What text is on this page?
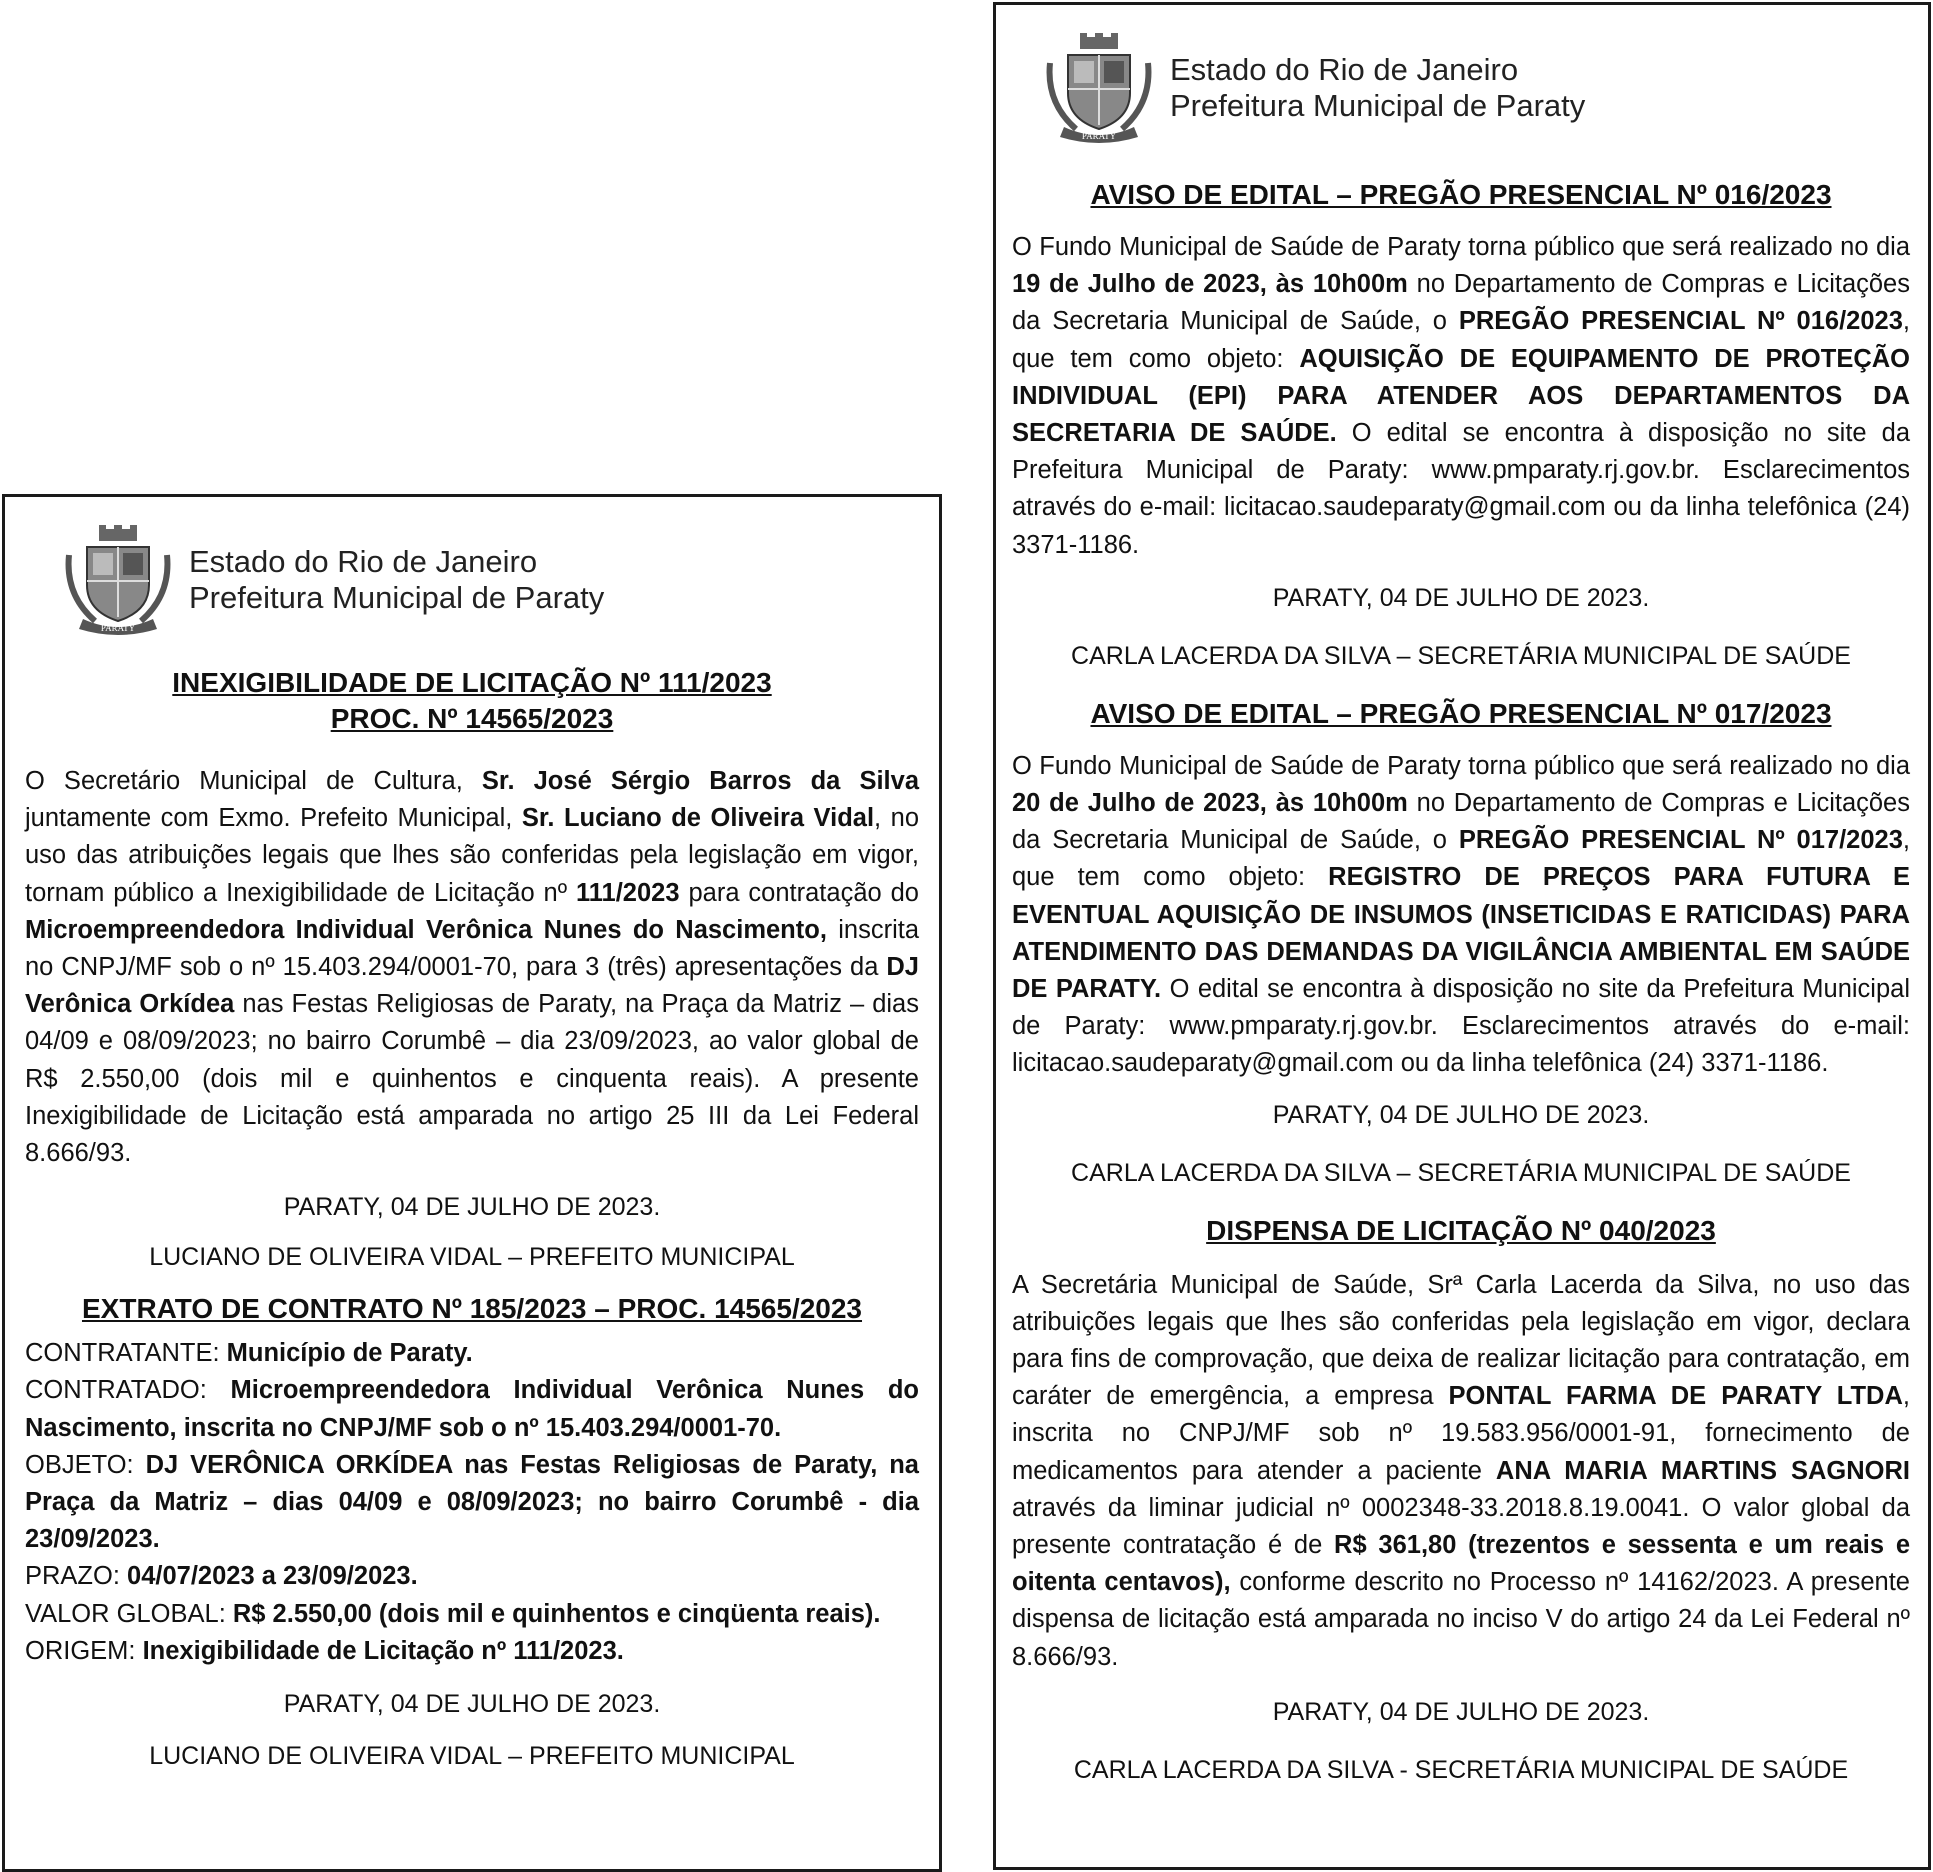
PARATY
Estado do Rio de Janeiro
Prefeitura Municipal de Paraty

INEXIGIBILIDADE DE LICITAÇÃO Nº 111/2023

PROC. Nº 14565/2023

O Secretário Municipal de Cultura, Sr. José Sérgio Barros da Silva juntamente com Exmo. Prefeito Municipal, Sr. Luciano de Oliveira Vidal, no uso das atribuições legais que lhes são conferidas pela legislação em vigor, tornam público a Inexigibilidade de Licitação nº 111/2023 para contratação do Microempreendedora Individual Verônica Nunes do Nascimento, inscrita no CNPJ/MF sob o nº 15.403.294/0001-70, para 3 (três) apresentações da DJ Verônica Orkídea nas Festas Religiosas de Paraty, na Praça da Matriz – dias 04/09 e 08/09/2023; no bairro Corumbê – dia 23/09/2023, ao valor global de R$ 2.550,00 (dois mil e quinhentos e cinquenta reais). A presente Inexigibilidade de Licitação está amparada no artigo 25 III da Lei Federal 8.666/93.

PARATY, 04 DE JULHO DE 2023.

LUCIANO DE OLIVEIRA VIDAL – PREFEITO MUNICIPAL

EXTRATO DE CONTRATO Nº 185/2023 – PROC. 14565/2023

CONTRATANTE: Município de Paraty.

CONTRATADO: Microempreendedora Individual Verônica Nunes do Nascimento, inscrita no CNPJ/MF sob o nº 15.403.294/0001-70.

OBJETO: DJ VERÔNICA ORKÍDEA nas Festas Religiosas de Paraty, na Praça da Matriz – dias 04/09 e 08/09/2023; no bairro Corumbê - dia 23/09/2023.

PRAZO: 04/07/2023 a 23/09/2023.

VALOR GLOBAL: R$ 2.550,00 (dois mil e quinhentos e cinqüenta reais).

ORIGEM: Inexigibilidade de Licitação nº 111/2023.

PARATY, 04 DE JULHO DE 2023.

LUCIANO DE OLIVEIRA VIDAL – PREFEITO MUNICIPAL

PARATY
Estado do Rio de Janeiro
Prefeitura Municipal de Paraty

AVISO DE EDITAL – PREGÃO PRESENCIAL Nº 016/2023

O Fundo Municipal de Saúde de Paraty torna público que será realizado no dia 19 de Julho de 2023, às 10h00m no Departamento de Compras e Licitações da Secretaria Municipal de Saúde, o PREGÃO PRESENCIAL Nº 016/2023, que tem como objeto: AQUISIÇÃO DE EQUIPAMENTO DE PROTEÇÃO INDIVIDUAL (EPI) PARA ATENDER AOS DEPARTAMENTOS DA SECRETARIA DE SAÚDE. O edital se encontra à disposição no site da Prefeitura Municipal de Paraty: www.pmparaty.rj.gov.br. Esclarecimentos através do e-mail: licitacao.saudeparaty@gmail.com ou da linha telefônica (24) 3371-1186.

PARATY, 04 DE JULHO DE 2023.

CARLA LACERDA DA SILVA – SECRETÁRIA MUNICIPAL DE SAÚDE

AVISO DE EDITAL – PREGÃO PRESENCIAL Nº 017/2023

O Fundo Municipal de Saúde de Paraty torna público que será realizado no dia 20 de Julho de 2023, às 10h00m no Departamento de Compras e Licitações da Secretaria Municipal de Saúde, o PREGÃO PRESENCIAL Nº 017/2023, que tem como objeto: REGISTRO DE PREÇOS PARA FUTURA E EVENTUAL AQUISIÇÃO DE INSUMOS (INSETICIDAS E RATICIDAS) PARA ATENDIMENTO DAS DEMANDAS DA VIGILÂNCIA AMBIENTAL EM SAÚDE DE PARATY. O edital se encontra à disposição no site da Prefeitura Municipal de Paraty: www.pmparaty.rj.gov.br. Esclarecimentos através do e-mail: licitacao.saudeparaty@gmail.com ou da linha telefônica (24) 3371-1186.

PARATY, 04 DE JULHO DE 2023.

CARLA LACERDA DA SILVA – SECRETÁRIA MUNICIPAL DE SAÚDE

DISPENSA DE LICITAÇÃO Nº 040/2023

A Secretária Municipal de Saúde, Srª Carla Lacerda da Silva, no uso das atribuições legais que lhes são conferidas pela legislação em vigor, declara para fins de comprovação, que deixa de realizar licitação para contratação, em caráter de emergência, a empresa PONTAL FARMA DE PARATY LTDA, inscrita no CNPJ/MF sob nº 19.583.956/0001-91, fornecimento de medicamentos para atender a paciente ANA MARIA MARTINS SAGNORI através da liminar judicial nº 0002348-33.2018.8.19.0041. O valor global da presente contratação é de R$ 361,80 (trezentos e sessenta e um reais e oitenta centavos), conforme descrito no Processo nº 14162/2023. A presente dispensa de licitação está amparada no inciso V do artigo 24 da Lei Federal nº 8.666/93.

PARATY, 04 DE JULHO DE 2023.

CARLA LACERDA DA SILVA - SECRETÁRIA MUNICIPAL DE SAÚDE
